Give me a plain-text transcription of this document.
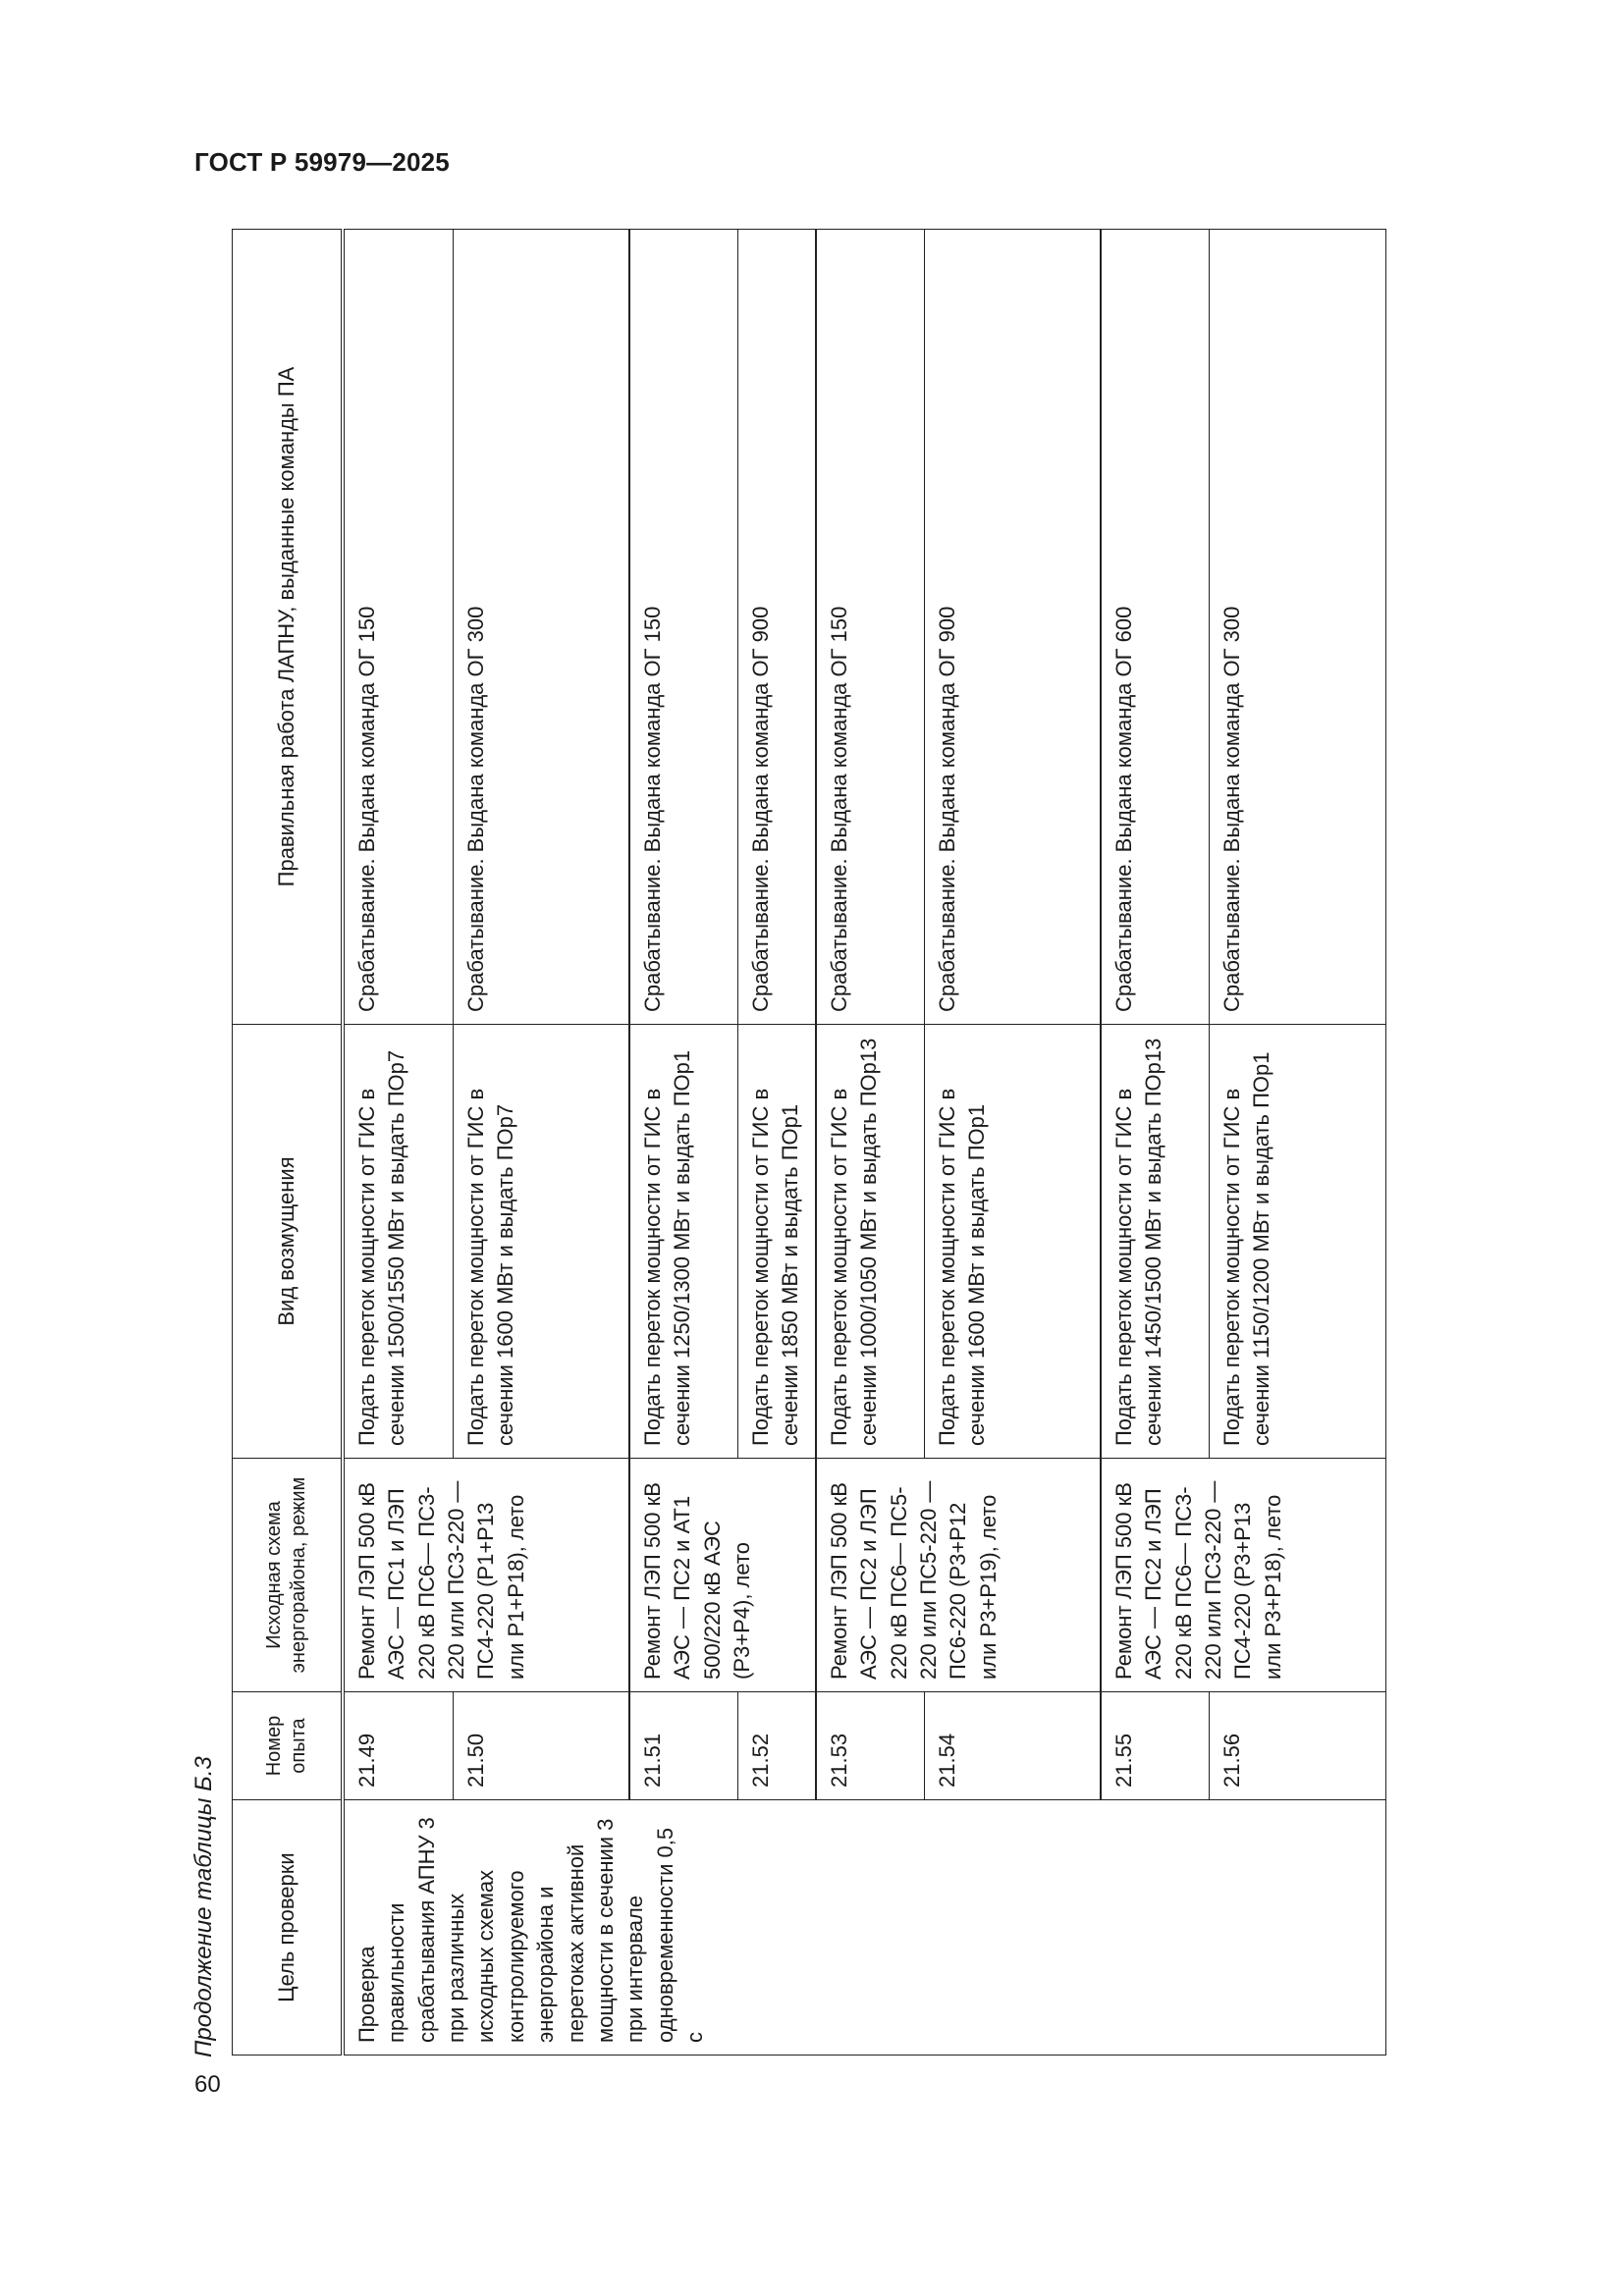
ГОСТ Р 59979—2025
Продолжение таблицы Б.3
60
Цель проверки	Номер опыта	Исходная схема энергорайона, режим	Вид возмущения	Правильная работа ЛАПНУ, выданные команды ПА
Проверка правильности срабатывания АПНУ 3 при различных исходных схемах контролируемого энергорайона и перетоках активной мощности в сечении 3 при интервале одновременности 0,5 с	21.49	Ремонт ЛЭП 500 кВ АЭС — ПС1 и ЛЭП 220 кВ ПС6— ПС3-220 или ПС3-220 — ПС4-220 (Р1+Р13 или Р1+Р18), лето	Подать переток мощности от ГИС в сечении 1500/1550 МВт и выдать ПОр7	Срабатывание. Выдана команда ОГ 150
	21.50		Подать переток мощности от ГИС в сечении 1600 МВт и выдать ПОр7	Срабатывание. Выдана команда ОГ 300
	21.51	Ремонт ЛЭП 500 кВ АЭС — ПС2 и АТ1 500/220 кВ АЭС (Р3+Р4), лето	Подать переток мощности от ГИС в сечении 1250/1300 МВт и выдать ПОр1	Срабатывание. Выдана команда ОГ 150
	21.52		Подать переток мощности от ГИС в сечении 1850 МВт и выдать ПОр1	Срабатывание. Выдана команда ОГ 900
	21.53	Ремонт ЛЭП 500 кВ АЭС — ПС2 и ЛЭП 220 кВ ПС6— ПС5-220 или ПС5-220 — ПС6-220 (Р3+Р12 или Р3+Р19), лето	Подать переток мощности от ГИС в сечении 1000/1050 МВт и выдать ПОр13	Срабатывание. Выдана команда ОГ 150
	21.54		Подать переток мощности от ГИС в сечении 1600 МВт и выдать ПОр1	Срабатывание. Выдана команда ОГ 900
	21.55	Ремонт ЛЭП 500 кВ АЭС — ПС2 и ЛЭП 220 кВ ПС6— ПС3-220 или ПС3-220 — ПС4-220 (Р3+Р13 или Р3+Р18), лето	Подать переток мощности от ГИС в сечении 1450/1500 МВт и выдать ПОр13	Срабатывание. Выдана команда ОГ 600
	21.56		Подать переток мощности от ГИС в сечении 1150/1200 МВт и выдать ПОр1	Срабатывание. Выдана команда ОГ 300
